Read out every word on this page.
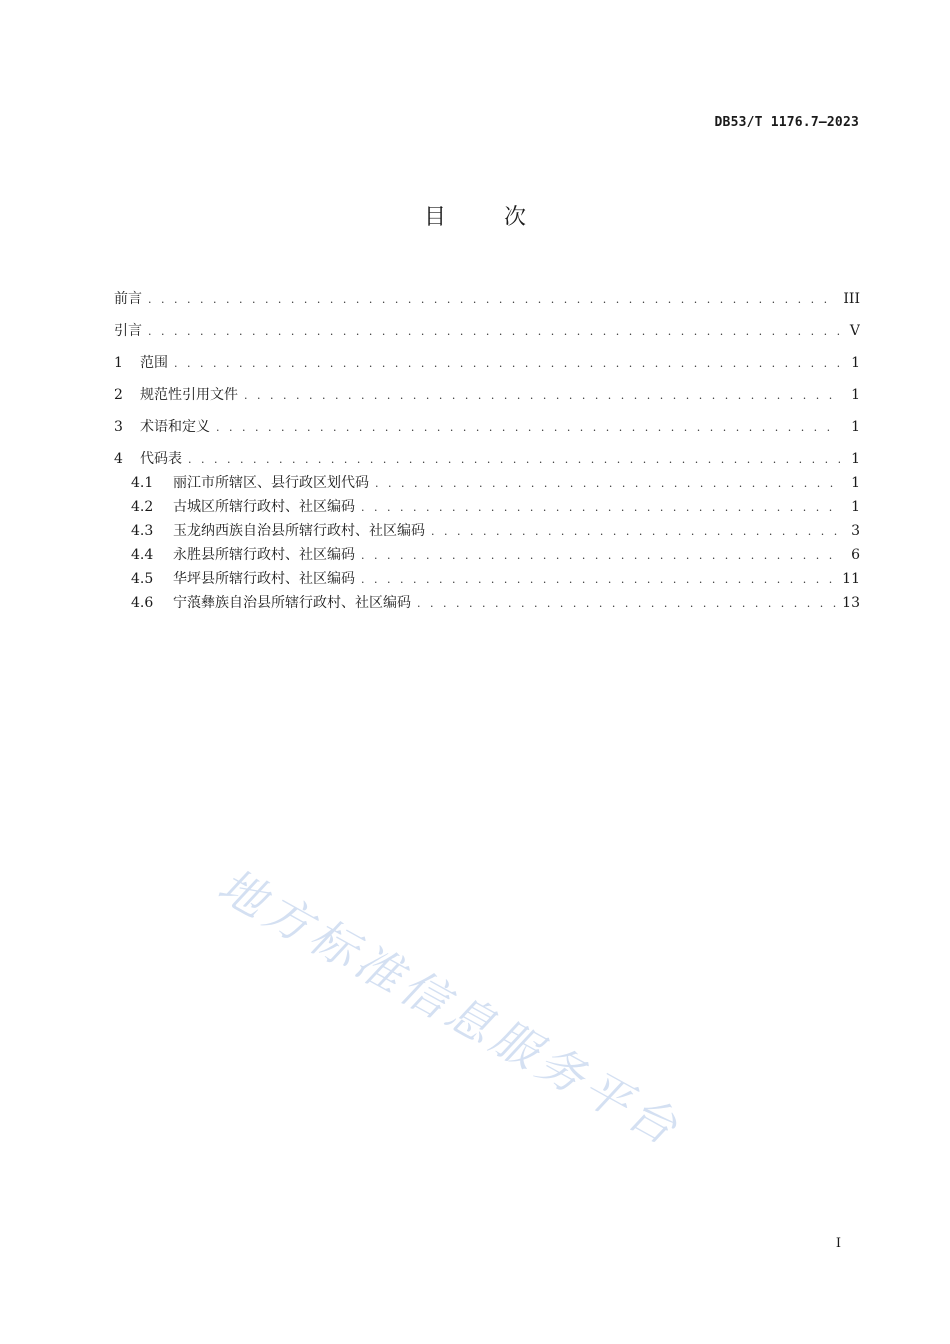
DB53/T 1176.7—2023
目次
前言 . . .	III
引言 . . .	V
1	范围 . . .	1
2	规范性引用文件 . . .	1
3	术语和定义 . . .	1
4	代码表 . . .	1
4.1	丽江市所辖区、县行政区划代码 . . .	1
4.2	古城区所辖行政村、社区编码 . . .	1
4.3	玉龙纳西族自治县所辖行政村、社区编码 . . .	3
4.4	永胜县所辖行政村、社区编码 . . .	6
4.5	华坪县所辖行政村、社区编码 . . .	11
4.6	宁蒗彝族自治县所辖行政村、社区编码 . . .	13
地方标准信息服务平台
I
